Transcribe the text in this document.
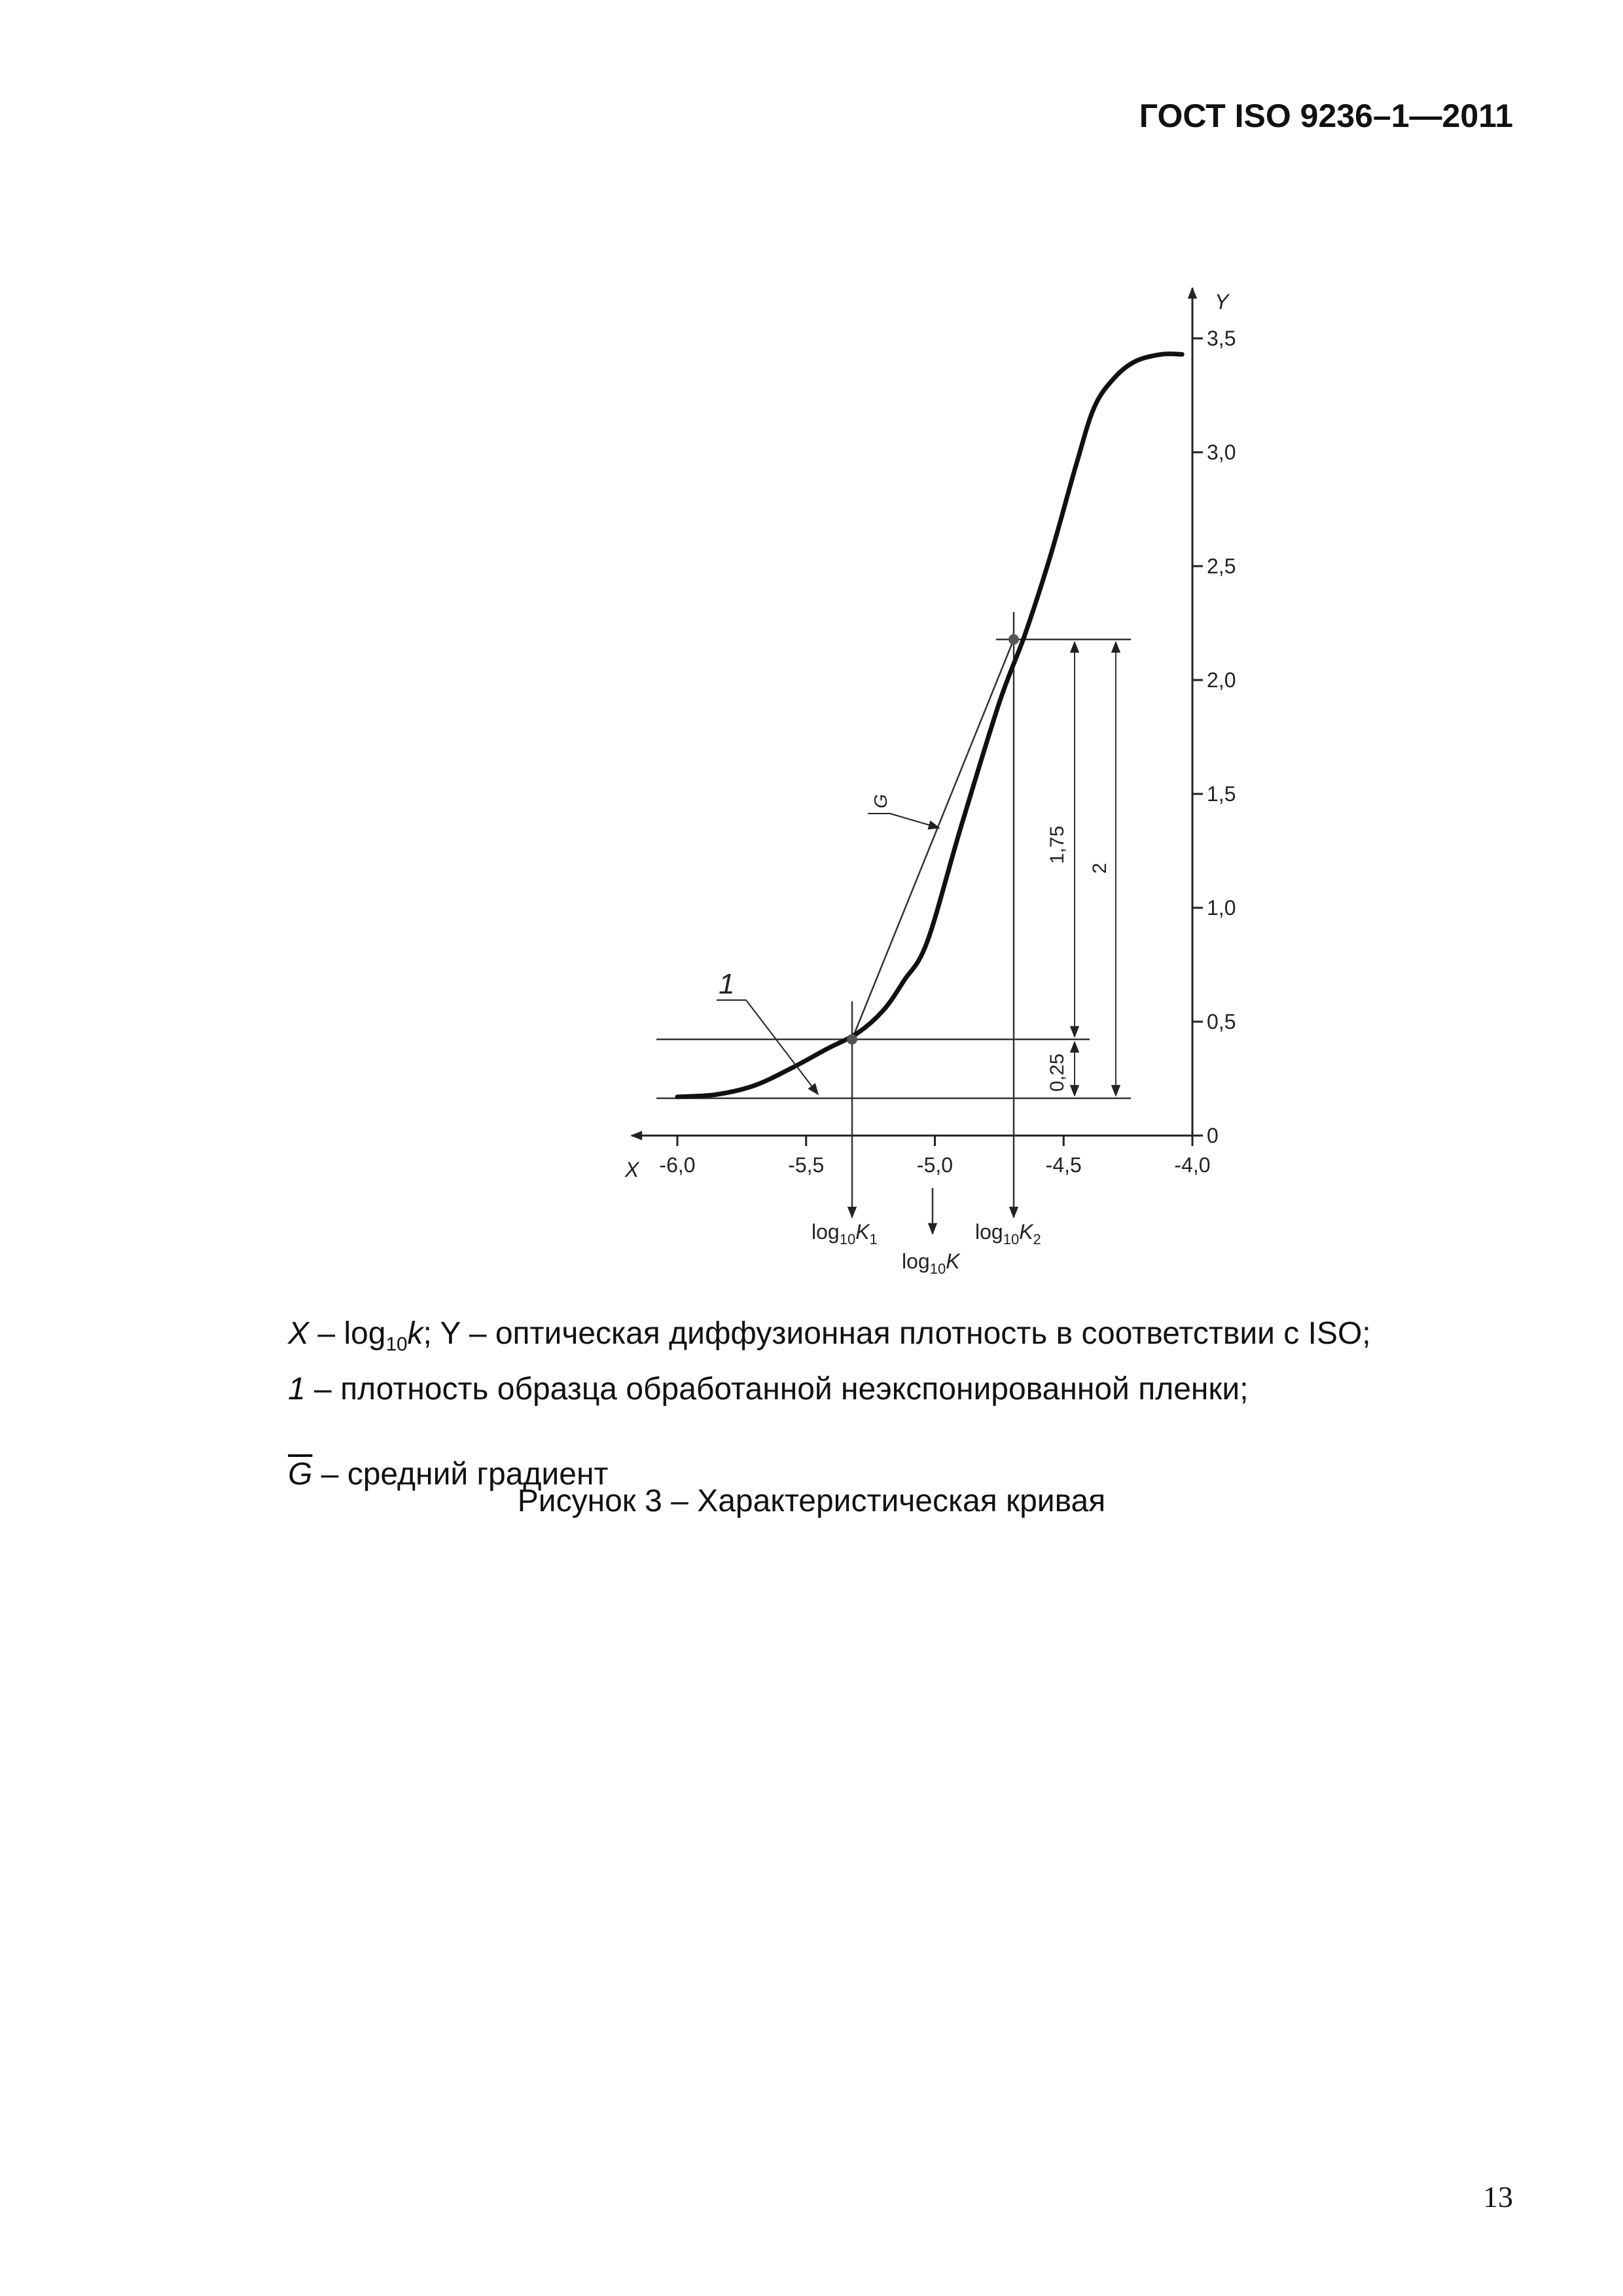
ГОСТ ISO 9236–1—2011
Y
0
0,5
1,0
1,5
2,0
2,5
3,0
3,5
-6,0	-5,5	-5,0	-4,5	-4,0
0,25
1,75
2
1
G
X
$\log_{10}K_1$
$\log_{10}K$
$\log_{10}K_2$
X – $\log_{10}k$; Y – оптическая диффузионная плотность в соответствии с ISO;
1 – плотность образца обработанной неэкспонированной пленки;
$\overline{G}$ – средний градиент
Рисунок 3 – Характеристическая кривая
13
